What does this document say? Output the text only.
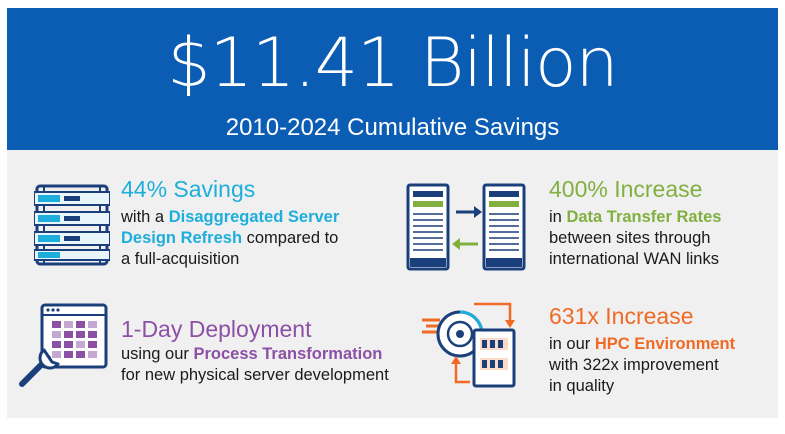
$11.41 Billion
2010-2024 Cumulative Savings
44% Savings
with a Disaggregated Server
Design Refresh compared to
a full-acquisition
400% Increase
in Data Transfer Rates
between sites through
international WAN links
1-Day Deployment
using our Process Transformation
for new physical server development
631x Increase
in our HPC Environment
with 322x improvement
in quality
